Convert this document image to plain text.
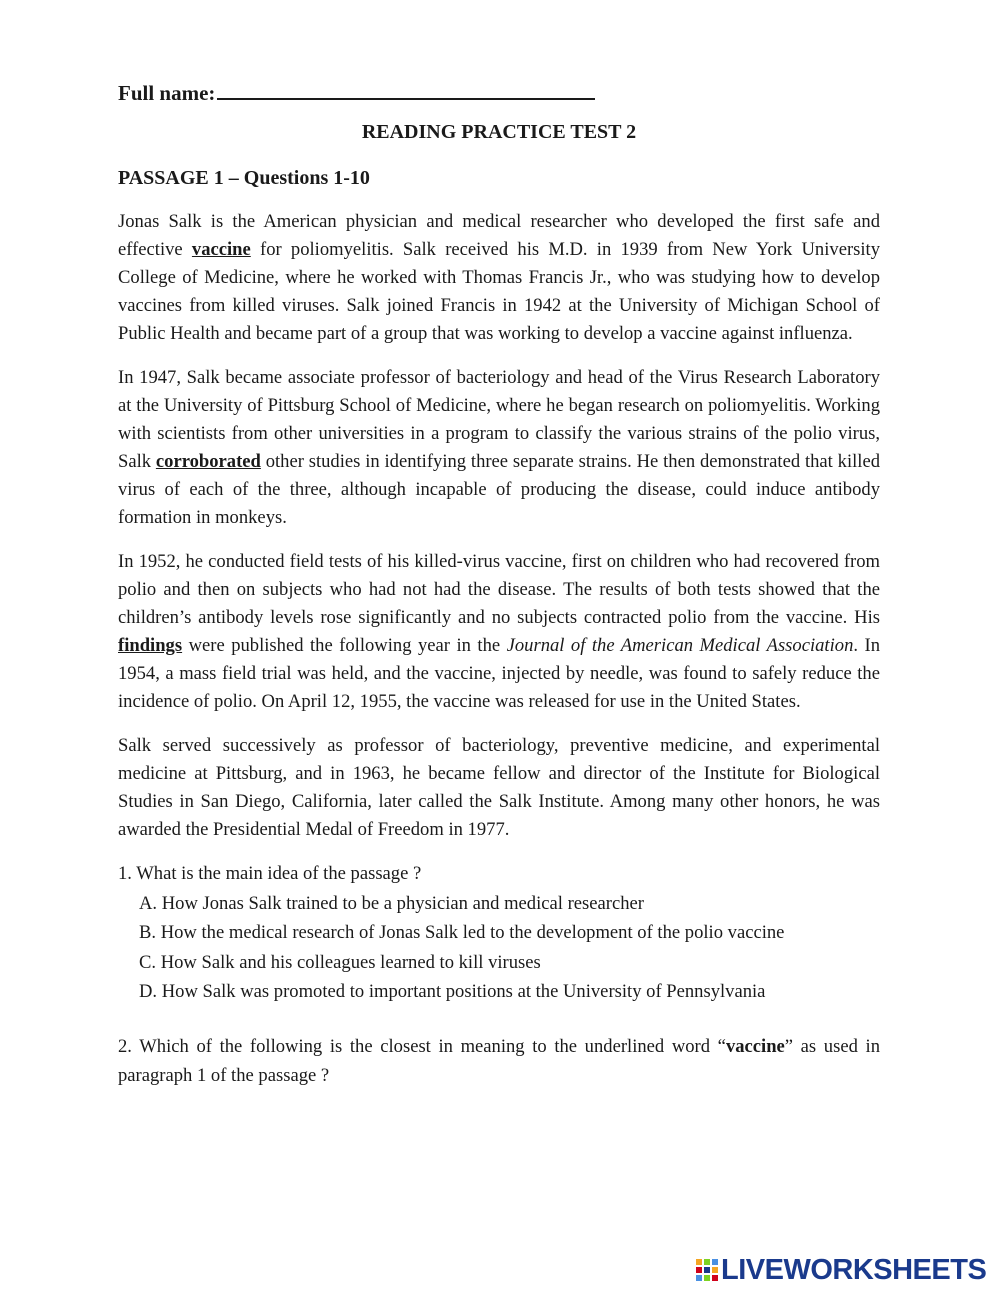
Full name:
READING PRACTICE TEST 2
PASSAGE 1 – Questions 1-10

Jonas Salk is the American physician and medical researcher who developed the first safe and effective vaccine for poliomyelitis. Salk received his M.D. in 1939 from New York University College of Medicine, where he worked with Thomas Francis Jr., who was studying how to develop vaccines from killed viruses. Salk joined Francis in 1942 at the University of Michigan School of Public Health and became part of a group that was working to develop a vaccine against influenza.

In 1947, Salk became associate professor of bacteriology and head of the Virus Research Laboratory at the University of Pittsburg School of Medicine, where he began research on poliomyelitis. Working with scientists from other universities in a program to classify the various strains of the polio virus, Salk corroborated other studies in identifying three separate strains. He then demonstrated that killed virus of each of the three, although incapable of producing the disease, could induce antibody formation in monkeys.

In 1952, he conducted field tests of his killed-virus vaccine, first on children who had recovered from polio and then on subjects who had not had the disease. The results of both tests showed that the children’s antibody levels rose significantly and no subjects contracted polio from the vaccine. His findings were published the following year in the Journal of the American Medical Association. In 1954, a mass field trial was held, and the vaccine, injected by needle, was found to safely reduce the incidence of polio. On April 12, 1955, the vaccine was released for use in the United States.

Salk served successively as professor of bacteriology, preventive medicine, and experimental medicine at Pittsburg, and in 1963, he became fellow and director of the Institute for Biological Studies in San Diego, California, later called the Salk Institute. Among many other honors, he was awarded the Presidential Medal of Freedom in 1977.

1. What is the main idea of the passage ?
A. How Jonas Salk trained to be a physician and medical researcher
B. How the medical research of Jonas Salk led to the development of the polio vaccine
C. How Salk and his colleagues learned to kill viruses
D. How Salk was promoted to important positions at the University of Pennsylvania

2. Which of the following is the closest in meaning to the underlined word “vaccine” as used in paragraph 1 of the passage ?

LIVEWORKSHEETS
